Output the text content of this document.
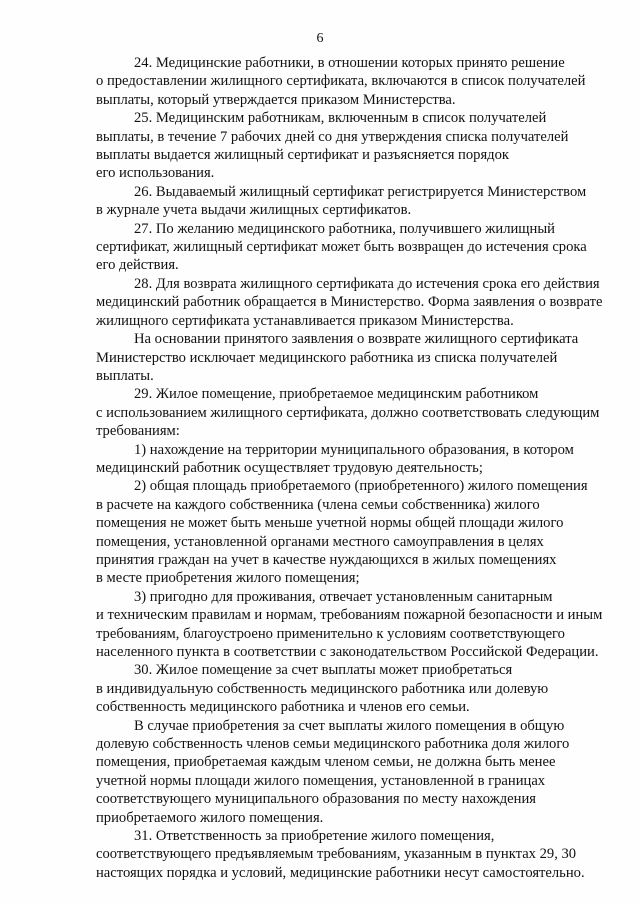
6

24. Медицинские работники, в отношении которых принято решение
о предоставлении жилищного сертификата, включаются в список получателей
выплаты, который утверждается приказом Министерства.

25. Медицинским работникам, включенным в список получателей
выплаты, в течение 7 рабочих дней со дня утверждения списка получателей
выплаты выдается жилищный сертификат и разъясняется порядок
его использования.

26. Выдаваемый жилищный сертификат регистрируется Министерством
в журнале учета выдачи жилищных сертификатов.

27. По желанию медицинского работника, получившего жилищный
сертификат, жилищный сертификат может быть возвращен до истечения срока
его действия.

28. Для возврата жилищного сертификата до истечения срока его действия
медицинский работник обращается в Министерство. Форма заявления о возврате
жилищного сертификата устанавливается приказом Министерства.

На основании принятого заявления о возврате жилищного сертификата
Министерство исключает медицинского работника из списка получателей
выплаты.

29. Жилое помещение, приобретаемое медицинским работником
с использованием жилищного сертификата, должно соответствовать следующим
требованиям:

1) нахождение на территории муниципального образования, в котором
медицинский работник осуществляет трудовую деятельность;

2) общая площадь приобретаемого (приобретенного) жилого помещения
в расчете на каждого собственника (члена семьи собственника) жилого
помещения не может быть меньше учетной нормы общей площади жилого
помещения, установленной органами местного самоуправления в целях
принятия граждан на учет в качестве нуждающихся в жилых помещениях
в месте приобретения жилого помещения;

3) пригодно для проживания, отвечает установленным санитарным
и техническим правилам и нормам, требованиям пожарной безопасности и иным
требованиям, благоустроено применительно к условиям соответствующего
населенного пункта в соответствии с законодательством Российской Федерации.

30. Жилое помещение за счет выплаты может приобретаться
в индивидуальную собственность медицинского работника или долевую
собственность медицинского работника и членов его семьи.

В случае приобретения за счет выплаты жилого помещения в общую
долевую собственность членов семьи медицинского работника доля жилого
помещения, приобретаемая каждым членом семьи, не должна быть менее
учетной нормы площади жилого помещения, установленной в границах
соответствующего муниципального образования по месту нахождения
приобретаемого жилого помещения.

31. Ответственность за приобретение жилого помещения,
соответствующего предъявляемым требованиям, указанным в пунктах 29, 30
настоящих порядка и условий, медицинские работники несут самостоятельно.
